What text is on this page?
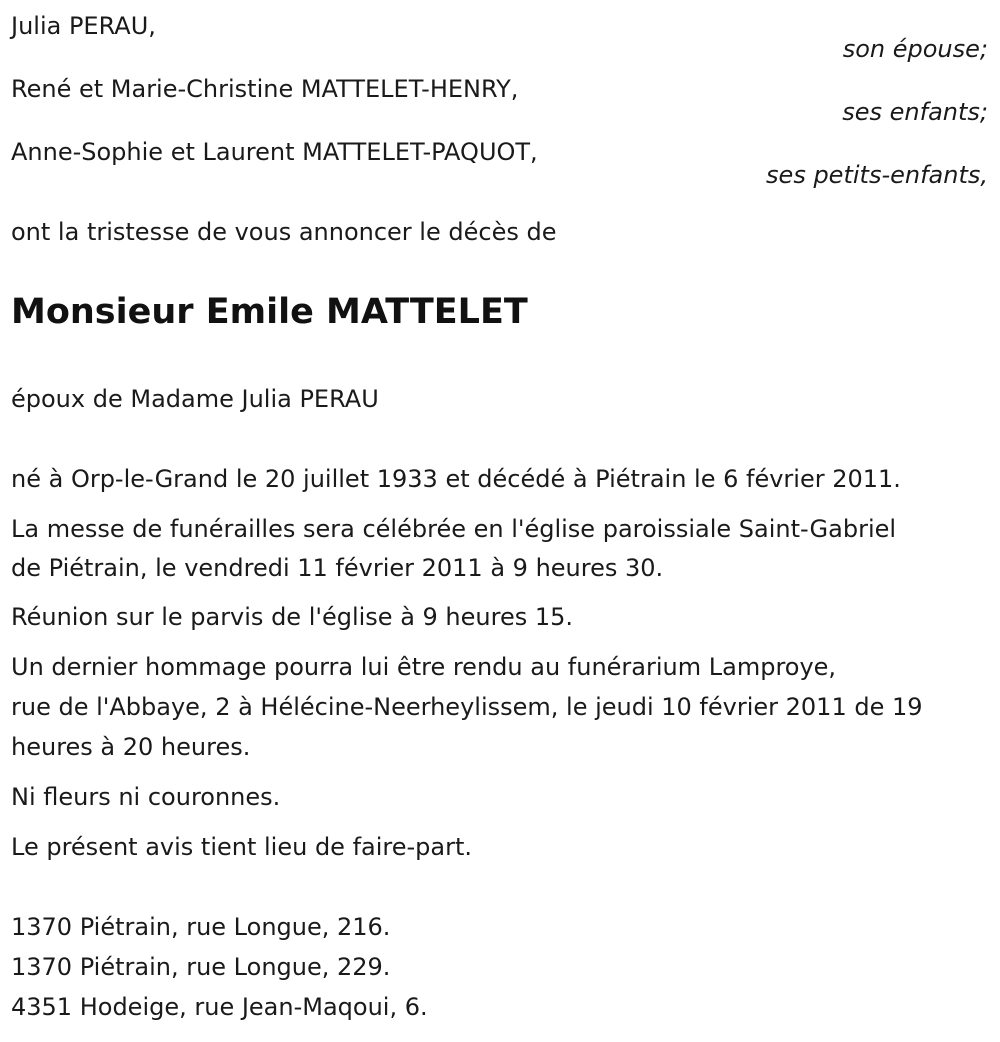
Julia PERAU,
son épouse;
René et Marie-Christine MATTELET-HENRY,
ses enfants;
Anne-Sophie et Laurent MATTELET-PAQUOT,
ses petits-enfants,
ont la tristesse de vous annoncer le décès de
Monsieur Emile MATTELET
époux de Madame Julia PERAU
né à Orp-le-Grand le 20 juillet 1933 et décédé à Piétrain le 6 février 2011.
La messe de funérailles sera célébrée en l'église paroissiale Saint-Gabriel
de Piétrain, le vendredi 11 février 2011 à 9 heures 30.
Réunion sur le parvis de l'église à 9 heures 15.
Un dernier hommage pourra lui être rendu au funérarium Lamproye,
rue de l'Abbaye, 2 à Hélécine-Neerheylissem, le jeudi 10 février 2011 de 19
heures à 20 heures.
Ni fleurs ni couronnes.
Le présent avis tient lieu de faire-part.
1370 Piétrain, rue Longue, 216.
1370 Piétrain, rue Longue, 229.
4351 Hodeige, rue Jean-Maqoui, 6.
